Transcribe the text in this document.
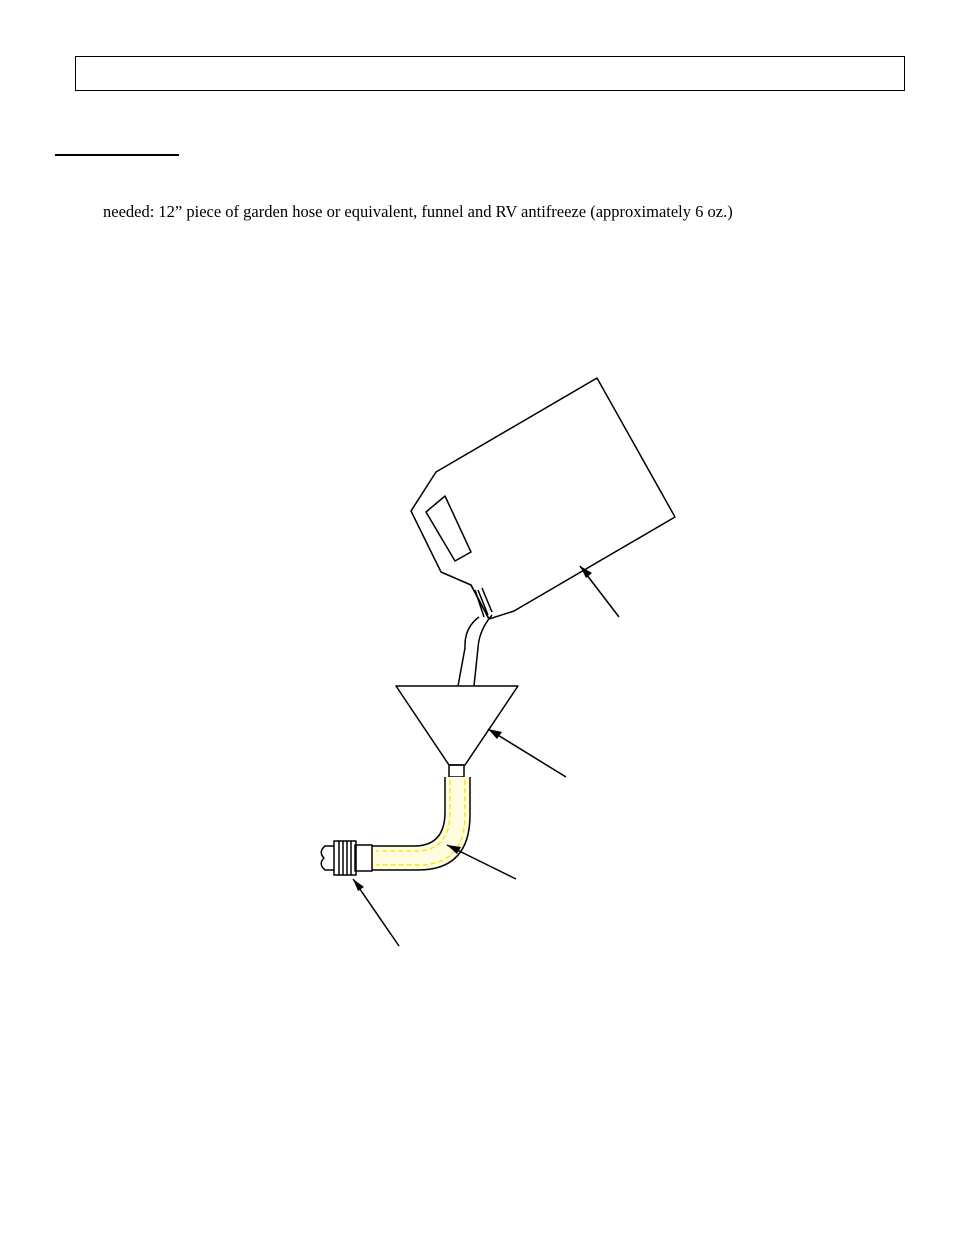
needed: 12” piece of garden hose or equivalent, funnel and RV antifreeze (approximately 6 oz.)
